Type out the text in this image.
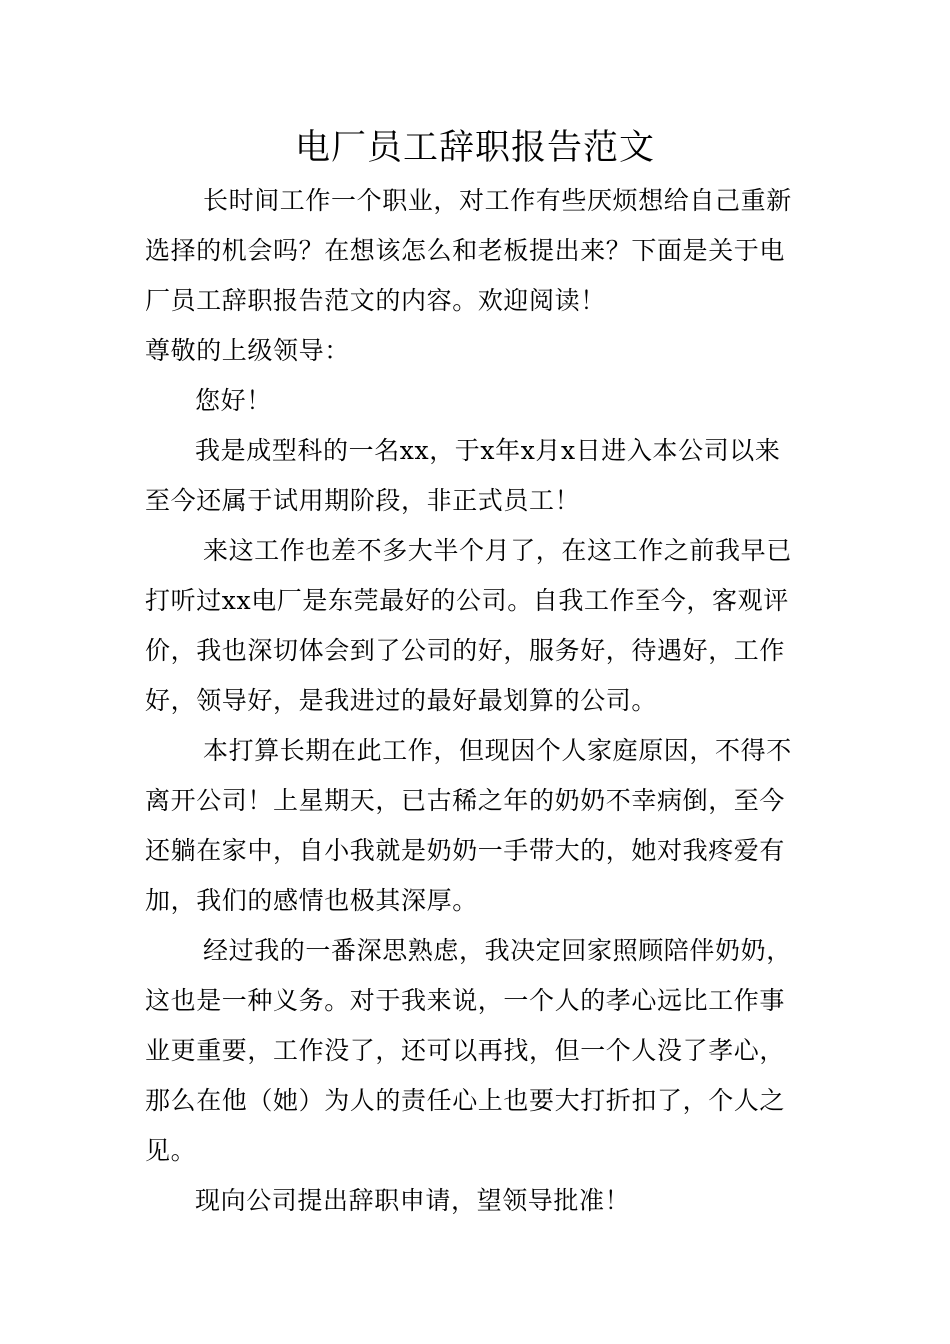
电厂员工辞职报告范文
长时间工作一个职业，对工作有些厌烦想给自己重新
选择的机会吗？在想该怎么和老板提出来？下面是关于电
厂员工辞职报告范文的内容。欢迎阅读！
尊敬的上级领导：
您好！
我是成型科的一名xx，于x年x月x日进入本公司以来
至今还属于试用期阶段，非正式员工！
来这工作也差不多大半个月了，在这工作之前我早已
打听过xx电厂是东莞最好的公司。自我工作至今，客观评
价，我也深切体会到了公司的好，服务好，待遇好，工作
好，领导好，是我进过的最好最划算的公司。
本打算长期在此工作，但现因个人家庭原因，不得不
离开公司！上星期天，已古稀之年的奶奶不幸病倒，至今
还躺在家中，自小我就是奶奶一手带大的，她对我疼爱有
加，我们的感情也极其深厚。
经过我的一番深思熟虑，我决定回家照顾陪伴奶奶，
这也是一种义务。对于我来说，一个人的孝心远比工作事
业更重要，工作没了，还可以再找，但一个人没了孝心，
那么在他（她）为人的责任心上也要大打折扣了，个人之
见。
现向公司提出辞职申请，望领导批准！
